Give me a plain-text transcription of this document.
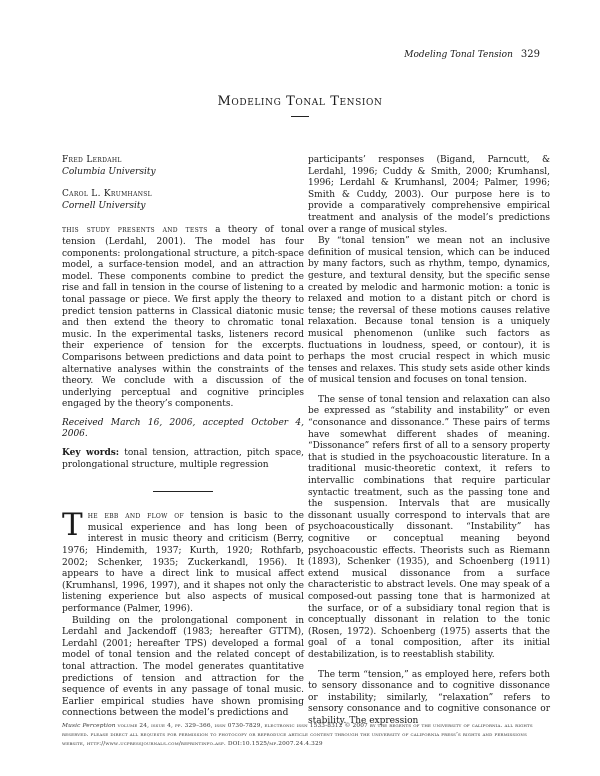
Modeling Tonal Tension 329
Modeling Tonal Tension
Fred Lerdahl
Columbia University
Carol L. Krumhansl
Cornell University

this study presents and tests a theory of tonal tension (Lerdahl, 2001). The model has four components: prolongational structure, a pitch-space model, a surface-tension model, and an attraction model. These components combine to predict the rise and fall in tension in the course of listening to a tonal passage or piece. We first apply the theory to predict tension patterns in Classical diatonic music and then extend the theory to chromatic tonal music. In the experimental tasks, listeners record their experience of tension for the excerpts. Comparisons between predictions and data point to alternative analyses within the constraints of the theory. We conclude with a discussion of the underlying perceptual and cognitive principles engaged by the theory’s components.

Received March 16, 2006, accepted October 4, 2006.

Key words: tonal tension, attraction, pitch space, prolongational structure, multiple regression

The ebb and flow of tension is basic to the musical experience and has long been of interest in music theory and criticism (Berry, 1976; Hindemith, 1937; Kurth, 1920; Rothfarb, 2002; Schenker, 1935; Zuckerkandl, 1956). It appears to have a direct link to musical affect (Krumhansl, 1996, 1997), and it shapes not only the listening experience but also aspects of musical performance (Palmer, 1996).

Building on the prolongational component in Lerdahl and Jackendoff (1983; hereafter GTTM), Lerdahl (2001; hereafter TPS) developed a formal model of tonal tension and the related concept of tonal attraction. The model generates quantitative predictions of tension and attraction for the sequence of events in any passage of tonal music. Earlier empirical studies have shown promising connections between the model’s predictions and

participants’ responses (Bigand, Parncutt, & Lerdahl, 1996; Cuddy & Smith, 2000; Krumhansl, 1996; Lerdahl & Krumhansl, 2004; Palmer, 1996; Smith & Cuddy, 2003). Our purpose here is to provide a comparatively comprehensive empirical treatment and analysis of the model’s predictions over a range of musical styles.

By “tonal tension” we mean not an inclusive definition of musical tension, which can be induced by many factors, such as rhythm, tempo, dynamics, gesture, and textural density, but the specific sense created by melodic and harmonic motion: a tonic is relaxed and motion to a distant pitch or chord is tense; the reversal of these motions causes relative relaxation. Because tonal tension is a uniquely musical phenomenon (unlike such factors as fluctuations in loudness, speed, or contour), it is perhaps the most crucial respect in which music tenses and relaxes. This study sets aside other kinds of musical tension and focuses on tonal tension.

The sense of tonal tension and relaxation can also be expressed as “stability and instability” or even “consonance and dissonance.” These pairs of terms have somewhat different shades of meaning. “Dissonance” refers first of all to a sensory property that is studied in the psychoacoustic literature. In a traditional music-theoretic context, it refers to intervallic combinations that require particular syntactic treatment, such as the passing tone and the suspension. Intervals that are musically dissonant usually correspond to intervals that are psychoacoustically dissonant. “Instability” has cognitive or conceptual meaning beyond psychoacoustic effects. Theorists such as Riemann (1893), Schenker (1935), and Schoenberg (1911) extend musical dissonance from a surface characteristic to abstract levels. One may speak of a composed-out passing tone that is harmonized at the surface, or of a subsidiary tonal region that is conceptually dissonant in relation to the tonic (Rosen, 1972). Schoenberg (1975) asserts that the goal of a tonal composition, after its initial destabilization, is to reestablish stability.

The term “tension,” as employed here, refers both to sensory dissonance and to cognitive dissonance or instability; similarly, “relaxation” refers to sensory consonance and to cognitive consonance or stability. The expression

Music Perception volume 24, issue 4, pp. 329–366, issn 0730-7829, electronic issn 1533-8312 © 2007 by the regents of the university of california. all rights reserved. please direct all requests for permission to photocopy or reproduce article content through the university of california press’s rights and permissions website, http://www.ucpressjournals.com/reprintinfo.asp. DOI:10.1525/mp.2007.24.4.329
